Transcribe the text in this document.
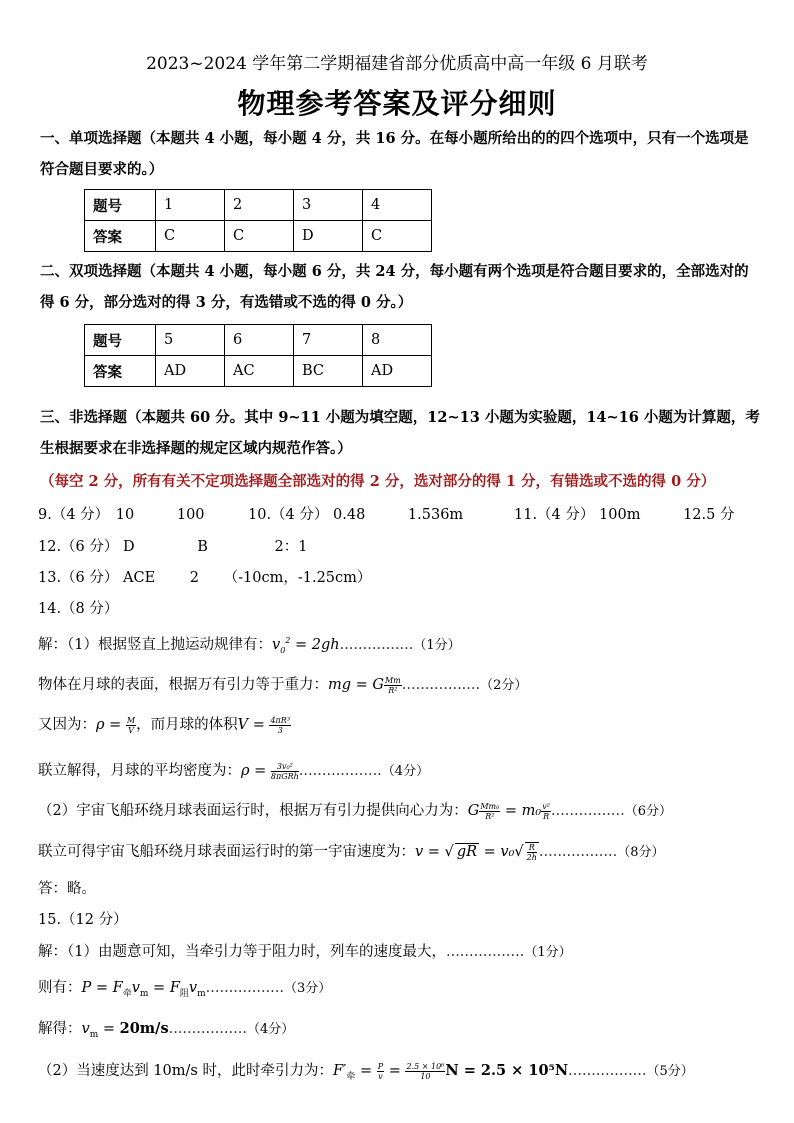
2023~2024 学年第二学期福建省部分优质高中高一年级 6 月联考
物理参考答案及评分细则
一、单项选择题（本题共 4 小题，每小题 4 分，共 16 分。在每小题所给出的的四个选项中，只有一个选项是符合题目要求的。）
题号	1	2	3	4
答案	C	C	D	C
二、双项选择题（本题共 4 小题，每小题 6 分，共 24 分，每小题有两个选项是符合题目要求的，全部选对的得 6 分，部分选对的得 3 分，有选错或不选的得 0 分。）
题号	5	6	7	8
答案	AD	AC	BC	AD
三、非选择题（本题共 60 分。其中 9~11 小题为填空题，12~13 小题为实验题，14~16 小题为计算题，考生根据要求在非选择题的规定区域内规范作答。）
（每空 2 分，所有有关不定项选择题全部选对的得 2 分，选对部分的得 1 分，有错选或不选的得 0 分）
9.（4 分） 10	100	10.（4 分） 0.48	1.536m	11.（4 分） 100m	12.5 分
12.（6 分） D	B	2：1
13.（6 分） ACE 2 （-10cm，-1.25cm）
14.（8 分）
解：（1）根据竖直上抛运动规律有：$v_0^2 = 2gh................(1$分）
物体在月球的表面，根据万有引力等于重力：mg = G $\frac{Mm}{\text{R²}} .................(2$分）
又因为：$\rho = \frac{M}{V}$ ，而月球的体积$V = \frac{\text{4πR³}}{3}$
联立解得，月球的平均密度为：$\rho = \frac{\text{3v₀²}}{\text{8πGRh}} ..................(4$分）
（2）宇宙飞船环绕月球表面运行时，根据万有引力提供向心力为：G $\frac{\text{Mm₀}}{\text{R²}} = m_0 \frac{\text{v²}}{R} ................(6$分）
联立可得宇宙飞船环绕月球表面运行时的第一宇宙速度为：v = √ gR = $v_0√ \frac{R}{2h} .................(8$分）
答：略。
15.（12 分）
解：（1）由题意可知，当牵引力等于阻力时，列车的速度最大，.................（1分）
则有：$P = F_牵v_m = F_阻v_m.................(3$分）
解得：$v_m = 20m/s.................(4$分）
（2）当速度达到 10m/s 时，此时牵引力为：$F'_牵 = \frac{P}{v} = \frac{\text{2.5 × 10⁶}}{10}$ N = 2.5 × 10⁵N.................（5分）
